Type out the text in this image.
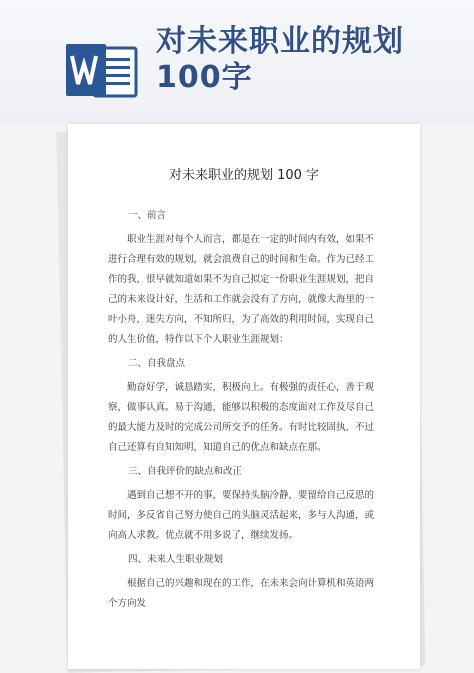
对未来职业的规划
100字
对未来职业的规划 100 字

一、前言

职业生涯对每个人而言，都是在一定的时间内有效，如果不进行合理有效的规划，就会浪费自己的时间和生命。作为已经工作的我，很早就知道如果不为自己拟定一份职业生涯规划，把自己的未来设计好，生活和工作就会没有了方向，就像大海里的一叶小舟，迷失方向，不知所归，为了高效的利用时间，实现自己的人生价值，特作以下个人职业生涯规划：

二、自我盘点

勤奋好学，诚恳踏实，积极向上。有极强的责任心，善于观察，做事认真。易于沟通，能够以积极的态度面对工作及尽自己的最大能力及时的完成公司所交予的任务。有时比较固执，不过自己还算有自知知明，知道自己的优点和缺点在那。

三、自我评价的缺点和改正

遇到自己想不开的事，要保持头脑冷静，要留给自己反思的时间，多反省自己努力使自己的头脑灵活起来，多与人沟通，或向高人求教。优点就不用多说了，继续发扬。

四、未来人生职业规划

根据自己的兴趣和现在的工作，在未来会向计算机和英语两个方向发
